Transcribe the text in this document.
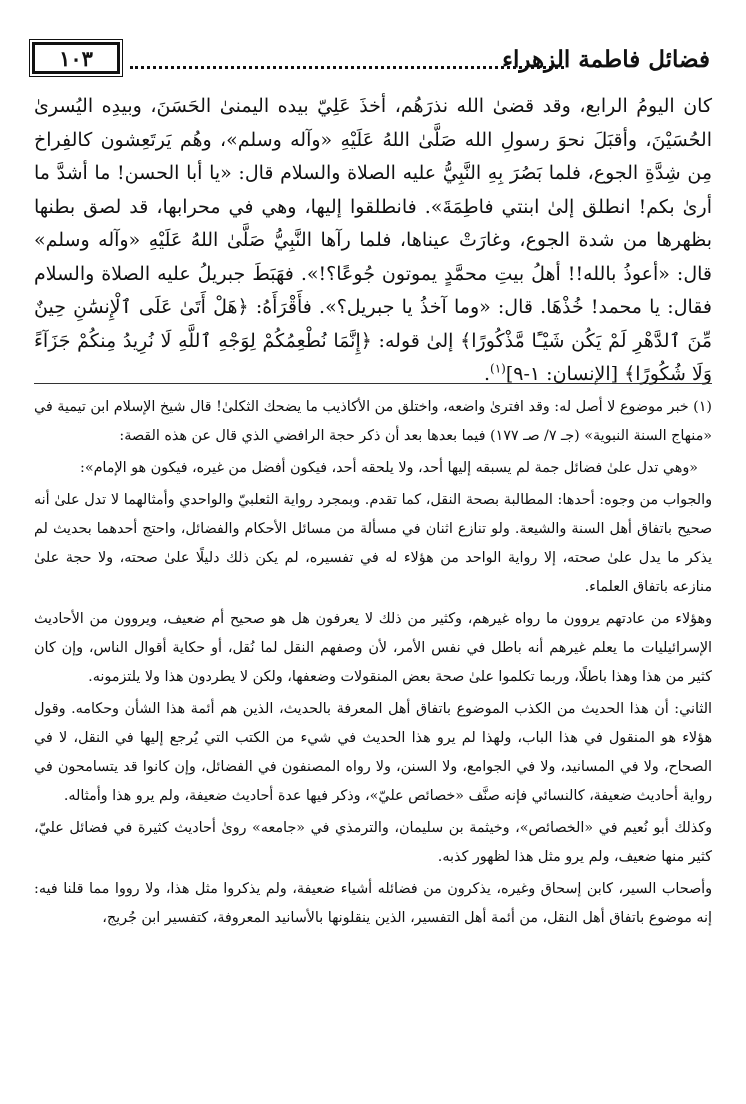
فضائل فاطمة الزهراء
١٠٣

كان اليومُ الرابع، وقد قضىٰ الله نذرَهُم، أخذَ عَلِيّ بيده اليمنىٰ الحَسَنَ، وبيدِه اليُسرىٰ الحُسَيْنَ، وأقبَلَ نحوَ رسولِ الله صَلَّىٰ اللهُ عَلَيْهِ «وآله وسلم»، وهُم يَرتَعِشون كالفِراخ مِن شِدَّةِ الجوع، فلما بَصُرَ بِهِ النَّبِيُّ عليه الصلاة والسلام قال: «يا أبا الحسن! ما أشدَّ ما أرىٰ بكم! انطلق إلىٰ ابنتي فاطِمَةَ». فانطلقوا إليها، وهي في محرابها، قد لصق بطنها بظهرها من شدة الجوع، وغارَتْ عيناها، فلما رآها النَّبِيُّ صَلَّىٰ اللهُ عَلَيْهِ «وآله وسلم» قال: «أعوذُ بالله!! أهلُ بيتِ محمَّدٍ يموتون جُوعًا؟!». فهَبَطَ جبريلُ عليه الصلاة والسلام فقال: يا محمد! خُذْهَا. قال: «وما آخذُ يا جبريل؟». فأَقْرَأَهُ: ﴿هَلْ أَتَىٰ عَلَى ٱلْإِنسَٰنِ حِينٌ مِّنَ ٱلدَّهْرِ لَمْ يَكُن شَيْـًٔا مَّذْكُورًا﴾ إلىٰ قوله: ﴿إِنَّمَا نُطْعِمُكُمْ لِوَجْهِ ٱللَّهِ لَا نُرِيدُ مِنكُمْ جَزَآءً وَلَا شُكُورًا﴾ [الإنسان: ١-٩]$^{(١)}$.

(١) خبر موضوع لا أصل له: وقد افترىٰ واضعه، واختلق من الأكاذيب ما يضحك الثكلىٰ! قال شيخ الإسلام ابن تيمية في «منهاج السنة النبوية» (جـ ٧/ صـ ١٧٧) فيما بعدها بعد أن ذكر حجة الرافضي الذي قال عن هذه القصة:

«وهي تدل علىٰ فضائل جمة لم يسبقه إليها أحد، ولا يلحقه أحد، فيكون أفضل من غيره، فيكون هو الإمام»:

والجواب من وجوه: أحدها: المطالبة بصحة النقل، كما تقدم. وبمجرد رواية الثعلبيّ والواحدي وأمثالهما لا تدل علىٰ أنه صحيح باتفاق أهل السنة والشيعة. ولو تنازع اثنان في مسألة من مسائل الأحكام والفضائل، واحتج أحدهما بحديث لم يذكر ما يدل علىٰ صحته، إلا رواية الواحد من هؤلاء له في تفسيره، لم يكن ذلك دليلًا علىٰ صحته، ولا حجة علىٰ منازعه باتفاق العلماء.

وهؤلاء من عادتهم يروون ما رواه غيرهم، وكثير من ذلك لا يعرفون هل هو صحيح أم ضعيف، ويروون من الأحاديث الإسرائيليات ما يعلم غيرهم أنه باطل في نفس الأمر، لأن وصفهم النقل لما نُقل، أو حكاية أقوال الناس، وإن كان كثير من هذا وهذا باطلًا، وربما تكلموا علىٰ صحة بعض المنقولات وضعفها، ولكن لا يطردون هذا ولا يلتزمونه.

الثاني: أن هذا الحديث من الكذب الموضوع باتفاق أهل المعرفة بالحديث، الذين هم أئمة هذا الشأن وحكامه. وقول هؤلاء هو المنقول في هذا الباب، ولهذا لم يرو هذا الحديث في شيء من الكتب التي يُرجع إليها في النقل، لا في الصحاح، ولا في المسانيد، ولا في الجوامع، ولا السنن، ولا رواه المصنفون في الفضائل، وإن كانوا قد يتسامحون في رواية أحاديث ضعيفة، كالنسائي فإنه صنَّف «خصائص عليّ»، وذكر فيها عدة أحاديث ضعيفة، ولم يرو هذا وأمثاله.

وكذلك أبو نُعيم في «الخصائص»، وخيثمة بن سليمان، والترمذي في «جامعه» روىٰ أحاديث كثيرة في فضائل عليّ، كثير منها ضعيف، ولم يرو مثل هذا لظهور كذبه.

وأصحاب السير، كابن إسحاق وغيره، يذكرون من فضائله أشياء ضعيفة، ولم يذكروا مثل هذا، ولا رووا مما قلنا فيه: إنه موضوع باتفاق أهل النقل، من أئمة أهل التفسير، الذين ينقلونها بالأسانيد المعروفة، كتفسير ابن جُريج،
